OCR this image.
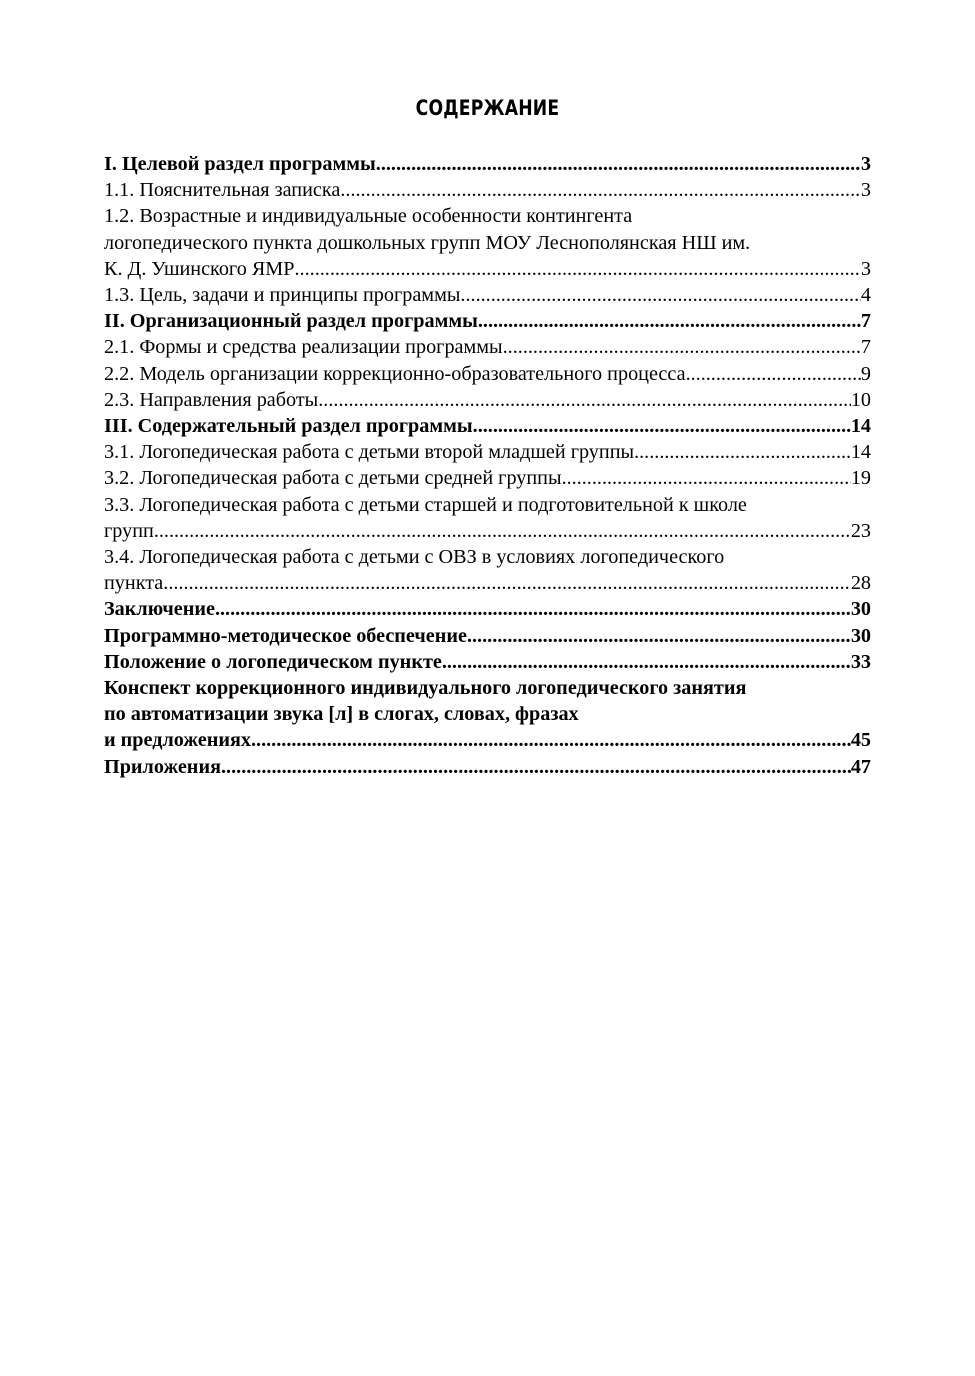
СОДЕРЖАНИЕ
I. Целевой раздел программы .....	3
1.1. Пояснительная записка .....	3
1.2. Возрастные и индивидуальные особенности контингента
логопедического пункта дошкольных групп МОУ Леснополянская НШ им.
К. Д. Ушинского ЯМР .....	3
1.3. Цель, задачи и принципы программы .....	4
II. Организационный раздел программы .....	7
2.1. Формы и средства реализации программы .....	7
2.2. Модель организации коррекционно-образовательного процесса .....	9
2.3. Направления работы .....	10
III. Содержательный раздел программы .....	14
3.1. Логопедическая работа с детьми второй младшей группы .....	14
3.2. Логопедическая работа с детьми средней группы .....	19
3.3. Логопедическая работа с детьми старшей и подготовительной к школе
групп .....	23
3.4. Логопедическая работа с детьми с ОВЗ в условиях логопедического
пункта .....	28
Заключение .....	30
Программно-методическое обеспечение .....	30
Положение о логопедическом пункте .....	33
Конспект коррекционного индивидуального логопедического занятия
по автоматизации звука [л] в слогах, словах, фразах
и предложениях .....	45
Приложения .....	47
